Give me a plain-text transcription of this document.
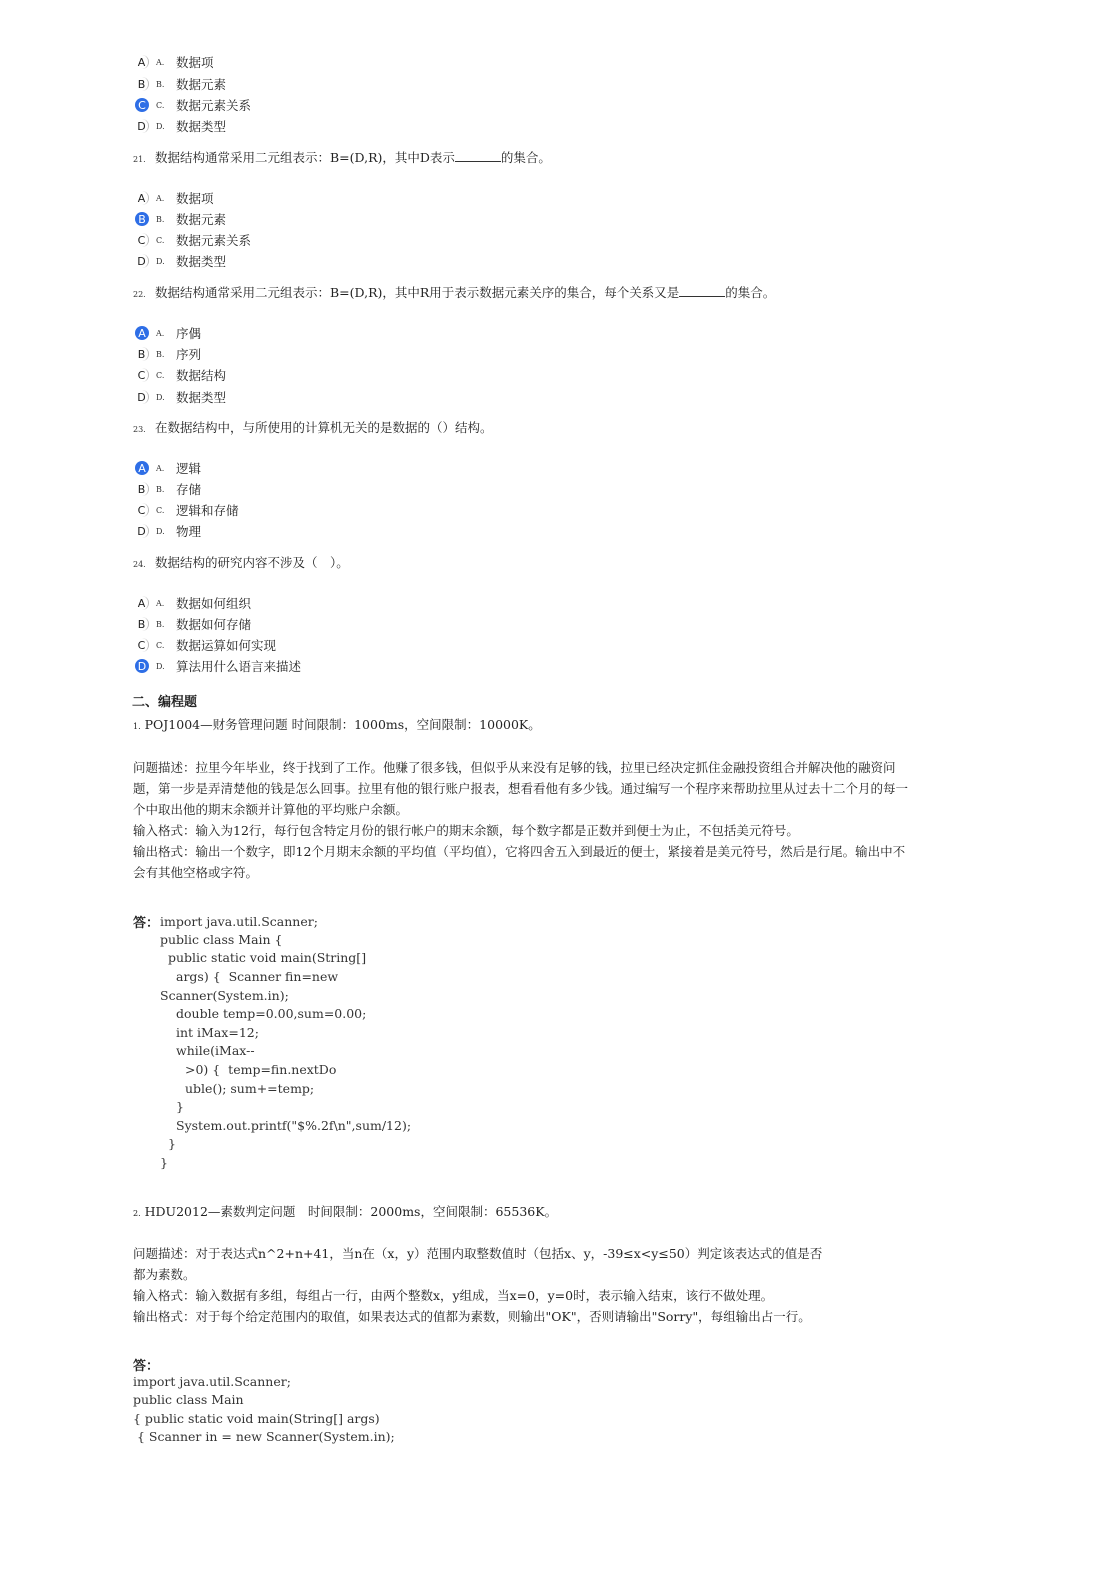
A	A. 数据项
B	B. 数据元素
C	C. 数据元素关系
D	D. 数据类型
21. 数据结构通常采用二元组表示：B=(D,R)，其中D表示	的集合。
A	A. 数据项
B	B. 数据元素
C	C. 数据元素关系
D	D. 数据类型
22. 数据结构通常采用二元组表示：B=(D,R)，其中R用于表示数据元素关序的集合，每个关系又是	的集合。
A	A. 序偶
B	B. 序列
C	C. 数据结构
D	D. 数据类型
23. 在数据结构中，与所使用的计算机无关的是数据的（）结构。
A	A. 逻辑
B	B. 存储
C	C. 逻辑和存储
D	D. 物理
24. 数据结构的研究内容不涉及（　）。
A	A. 数据如何组织
B	B. 数据如何存储
C	C. 数据运算如何实现
D	D. 算法用什么语言来描述
二、编程题
1. POJ1004—财务管理问题 时间限制：1000ms，空间限制：10000K。
问题描述：拉里今年毕业，终于找到了工作。他赚了很多钱，但似乎从来没有足够的钱，拉里已经决定抓住金融投资组合并解决他的融资问
题，第一步是弄清楚他的钱是怎么回事。拉里有他的银行账户报表，想看看他有多少钱。通过编写一个程序来帮助拉里从过去十二个月的每一
个中取出他的期末余额并计算他的平均账户余额。
输入格式：输入为12行，每行包含特定月份的银行帐户的期末余额，每个数字都是正数并到便士为止，不包括美元符号。
输出格式：输出一个数字，即12个月期末余额的平均值（平均值），它将四舍五入到最近的便士，紧接着是美元符号，然后是行尾。输出中不
会有其他空格或字符。
答： import java.util.Scanner;
public class Main {
public static void main(String[]
args) {  Scanner fin=new
Scanner(System.in);
double temp=0.00,sum=0.00;
int iMax=12;
while(iMax--
>0) {  temp=fin.nextDo
uble(); sum+=temp;
}
System.out.printf("$%.2f\n",sum/12);
}
}
2. HDU2012—素数判定问题　时间限制：2000ms，空间限制：65536K。
问题描述：对于表达式n^2+n+41，当n在（x，y）范围内取整数值时（包括x、y，-39≤x<y≤50）判定该表达式的值是否
都为素数。
输入格式：输入数据有多组，每组占一行，由两个整数x，y组成，当x=0，y=0时，表示输入结束，该行不做处理。
输出格式：对于每个给定范围内的取值，如果表达式的值都为素数，则输出"OK"，否则请输出"Sorry"，每组输出占一行。
答：
import java.util.Scanner;
public class Main
{ public static void main(String[] args)
{ Scanner in = new Scanner(System.in);
